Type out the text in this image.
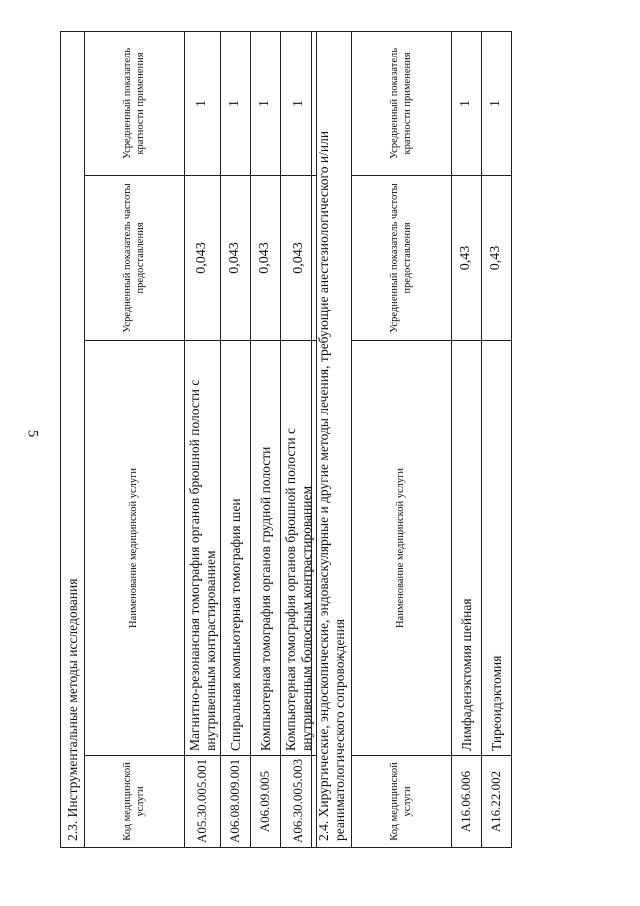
5
2.3. Инструментальные методы исследования			
Код медицинской услуги	Наименование медицинской услуги	Усредненный показатель частоты предоставления	Усредненный показатель кратности применения
A05.30.005.001	Магнитно-резонансная томография органов брюшной полости с внутривенным контрастированием	0,043	1
A06.08.009.001	Спиральная компьютерная томография шеи	0,043	1
A06.09.005	Компьютерная томография органов грудной полости	0,043	1
A06.30.005.003	Компьютерная томография органов брюшной полости с внутривенным болюсным контрастированием	0,043	1
2.4. Хирургические, эндоскопические, эндоваскулярные и другие методы лечения, требующие анестезиологического и/или реаниматологического сопровождения			
Код медицинской услуги	Наименование медицинской услуги	Усредненный показатель частоты предоставления	Усредненный показатель кратности применения
A16.06.006	Лимфаденэктомия шейная	0,43	1
A16.22.002	Тиреоидэктомия	0,43	1
